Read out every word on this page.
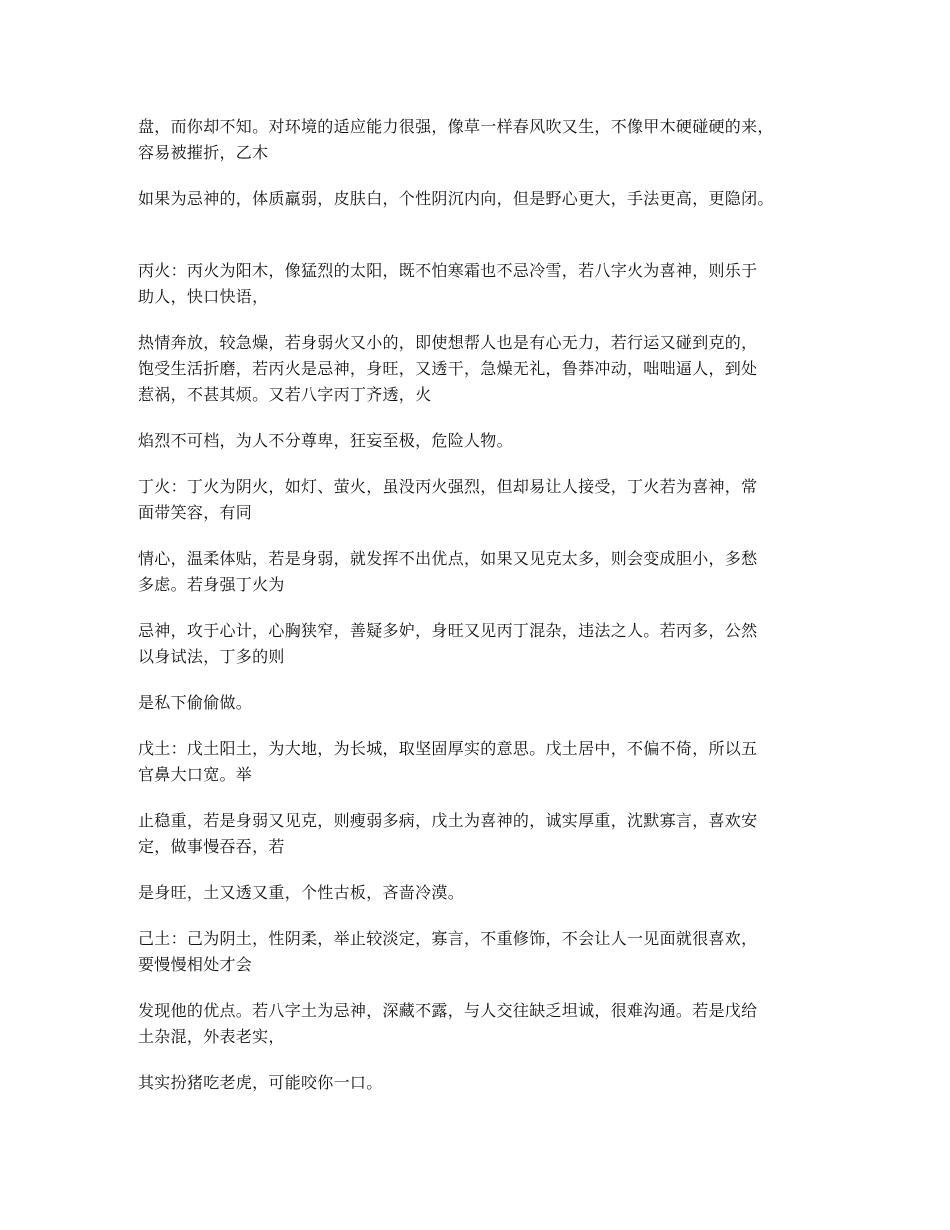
盘，而你却不知。对环境的适应能力很强，像草一样春风吹又生，不像甲木硬碰硬的来，
容易被摧折，乙木

如果为忌神的，体质羸弱，皮肤白，个性阴沉内向，但是野心更大，手法更高，更隐闭。

丙火：丙火为阳木，像猛烈的太阳，既不怕寒霜也不忌冷雪，若八字火为喜神，则乐于
助人，快口快语，

热情奔放，较急燥，若身弱火又小的，即使想帮人也是有心无力，若行运又碰到克的，
饱受生活折磨，若丙火是忌神，身旺，又透干，急燥无礼，鲁莽冲动，咄咄逼人，到处
惹祸，不甚其烦。又若八字丙丁齐透，火

焰烈不可档，为人不分尊卑，狂妄至极，危险人物。

丁火：丁火为阴火，如灯、萤火，虽没丙火强烈，但却易让人接受，丁火若为喜神，常
面带笑容，有同

情心，温柔体贴，若是身弱，就发挥不出优点，如果又见克太多，则会变成胆小，多愁
多虑。若身强丁火为

忌神，攻于心计，心胸狭窄，善疑多妒，身旺又见丙丁混杂，违法之人。若丙多，公然
以身试法，丁多的则

是私下偷偷做。

戊土：戊土阳土，为大地，为长城，取坚固厚实的意思。戊土居中，不偏不倚，所以五
官鼻大口宽。举

止稳重，若是身弱又见克，则瘦弱多病，戊土为喜神的，诚实厚重，沈默寡言，喜欢安
定，做事慢吞吞，若

是身旺，土又透又重，个性古板，吝啬冷漠。

己土：己为阴土，性阴柔，举止较淡定，寡言，不重修饰，不会让人一见面就很喜欢，
要慢慢相处才会

发现他的优点。若八字土为忌神，深藏不露，与人交往缺乏坦诚，很难沟通。若是戊给
土杂混，外表老实，

其实扮猪吃老虎，可能咬你一口。
